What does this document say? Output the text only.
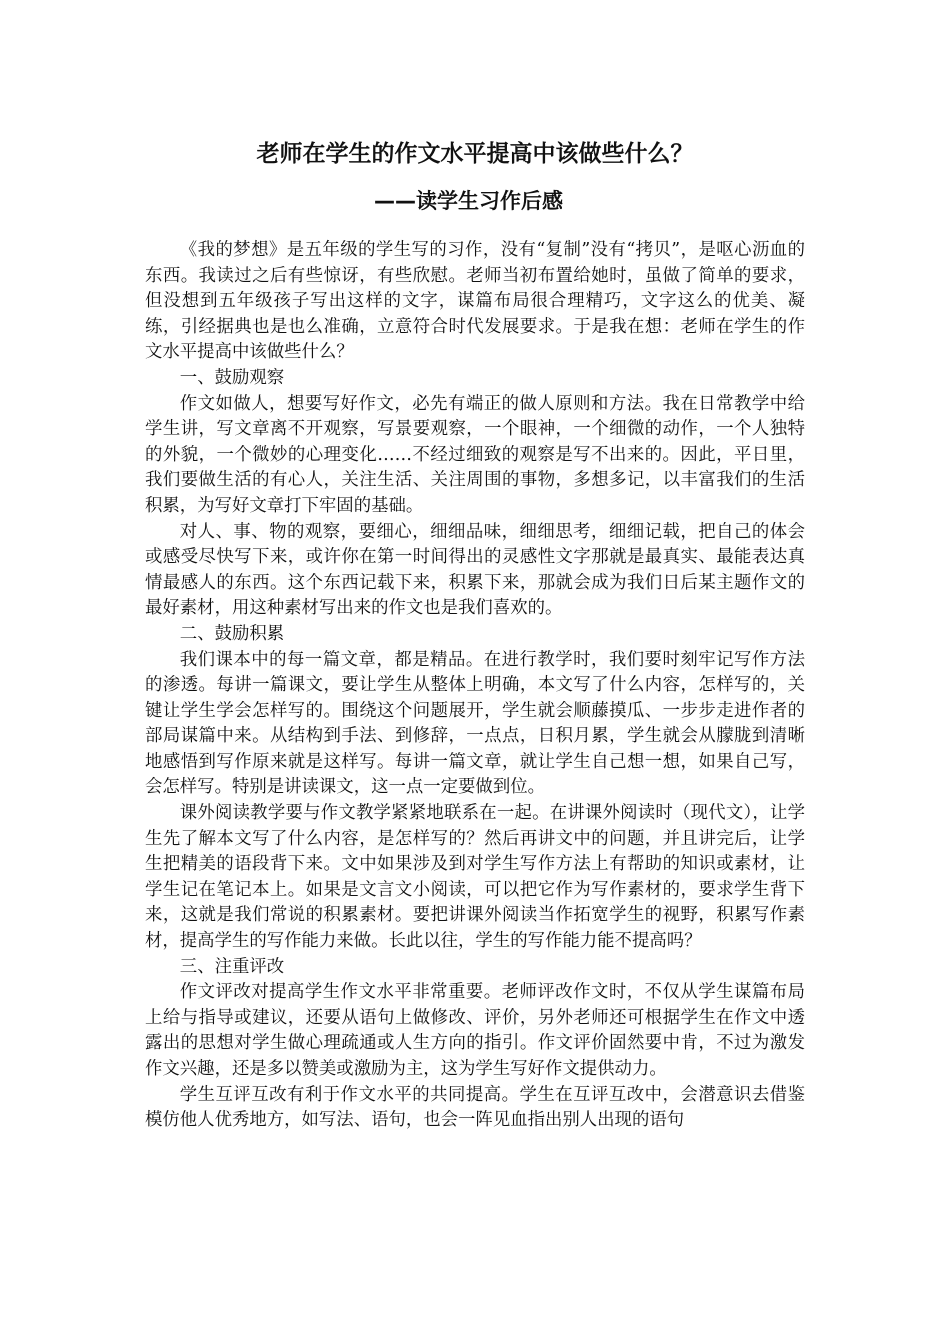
老师在学生的作文水平提高中该做些什么？
——读学生习作后感

《我的梦想》是五年级的学生写的习作，没有“复制”没有“拷贝”，是呕心沥血的东西。我读过之后有些惊讶，有些欣慰。老师当初布置给她时，虽做了简单的要求，但没想到五年级孩子写出这样的文字，谋篇布局很合理精巧，文字这么的优美、凝练，引经据典也是也么准确，立意符合时代发展要求。于是我在想：老师在学生的作文水平提高中该做些什么？

一、鼓励观察

作文如做人，想要写好作文，必先有端正的做人原则和方法。我在日常教学中给学生讲，写文章离不开观察，写景要观察，一个眼神，一个细微的动作，一个人独特的外貌，一个微妙的心理变化……不经过细致的观察是写不出来的。因此，平日里，我们要做生活的有心人，关注生活、关注周围的事物，多想多记，以丰富我们的生活积累，为写好文章打下牢固的基础。

对人、事、物的观察，要细心，细细品味，细细思考，细细记载，把自己的体会或感受尽快写下来，或许你在第一时间得出的灵感性文字那就是最真实、最能表达真情最感人的东西。这个东西记载下来，积累下来，那就会成为我们日后某主题作文的最好素材，用这种素材写出来的作文也是我们喜欢的。

二、鼓励积累

我们课本中的每一篇文章，都是精品。在进行教学时，我们要时刻牢记写作方法的渗透。每讲一篇课文，要让学生从整体上明确，本文写了什么内容，怎样写的，关键让学生学会怎样写的。围绕这个问题展开，学生就会顺藤摸瓜、一步步走进作者的部局谋篇中来。从结构到手法、到修辞，一点点，日积月累，学生就会从朦胧到清晰地感悟到写作原来就是这样写。每讲一篇文章，就让学生自己想一想，如果自己写，会怎样写。特别是讲读课文，这一点一定要做到位。

课外阅读教学要与作文教学紧紧地联系在一起。在讲课外阅读时（现代文），让学生先了解本文写了什么内容，是怎样写的？然后再讲文中的问题，并且讲完后，让学生把精美的语段背下来。文中如果涉及到对学生写作方法上有帮助的知识或素材，让学生记在笔记本上。如果是文言文小阅读，可以把它作为写作素材的，要求学生背下来，这就是我们常说的积累素材。要把讲课外阅读当作拓宽学生的视野，积累写作素材，提高学生的写作能力来做。长此以往，学生的写作能力能不提高吗？

三、注重评改

作文评改对提高学生作文水平非常重要。老师评改作文时，不仅从学生谋篇布局上给与指导或建议，还要从语句上做修改、评价，另外老师还可根据学生在作文中透露出的思想对学生做心理疏通或人生方向的指引。作文评价固然要中肯，不过为激发作文兴趣，还是多以赞美或激励为主，这为学生写好作文提供动力。

学生互评互改有利于作文水平的共同提高。学生在互评互改中，会潜意识去借鉴模仿他人优秀地方，如写法、语句，也会一阵见血指出别人出现的语句
